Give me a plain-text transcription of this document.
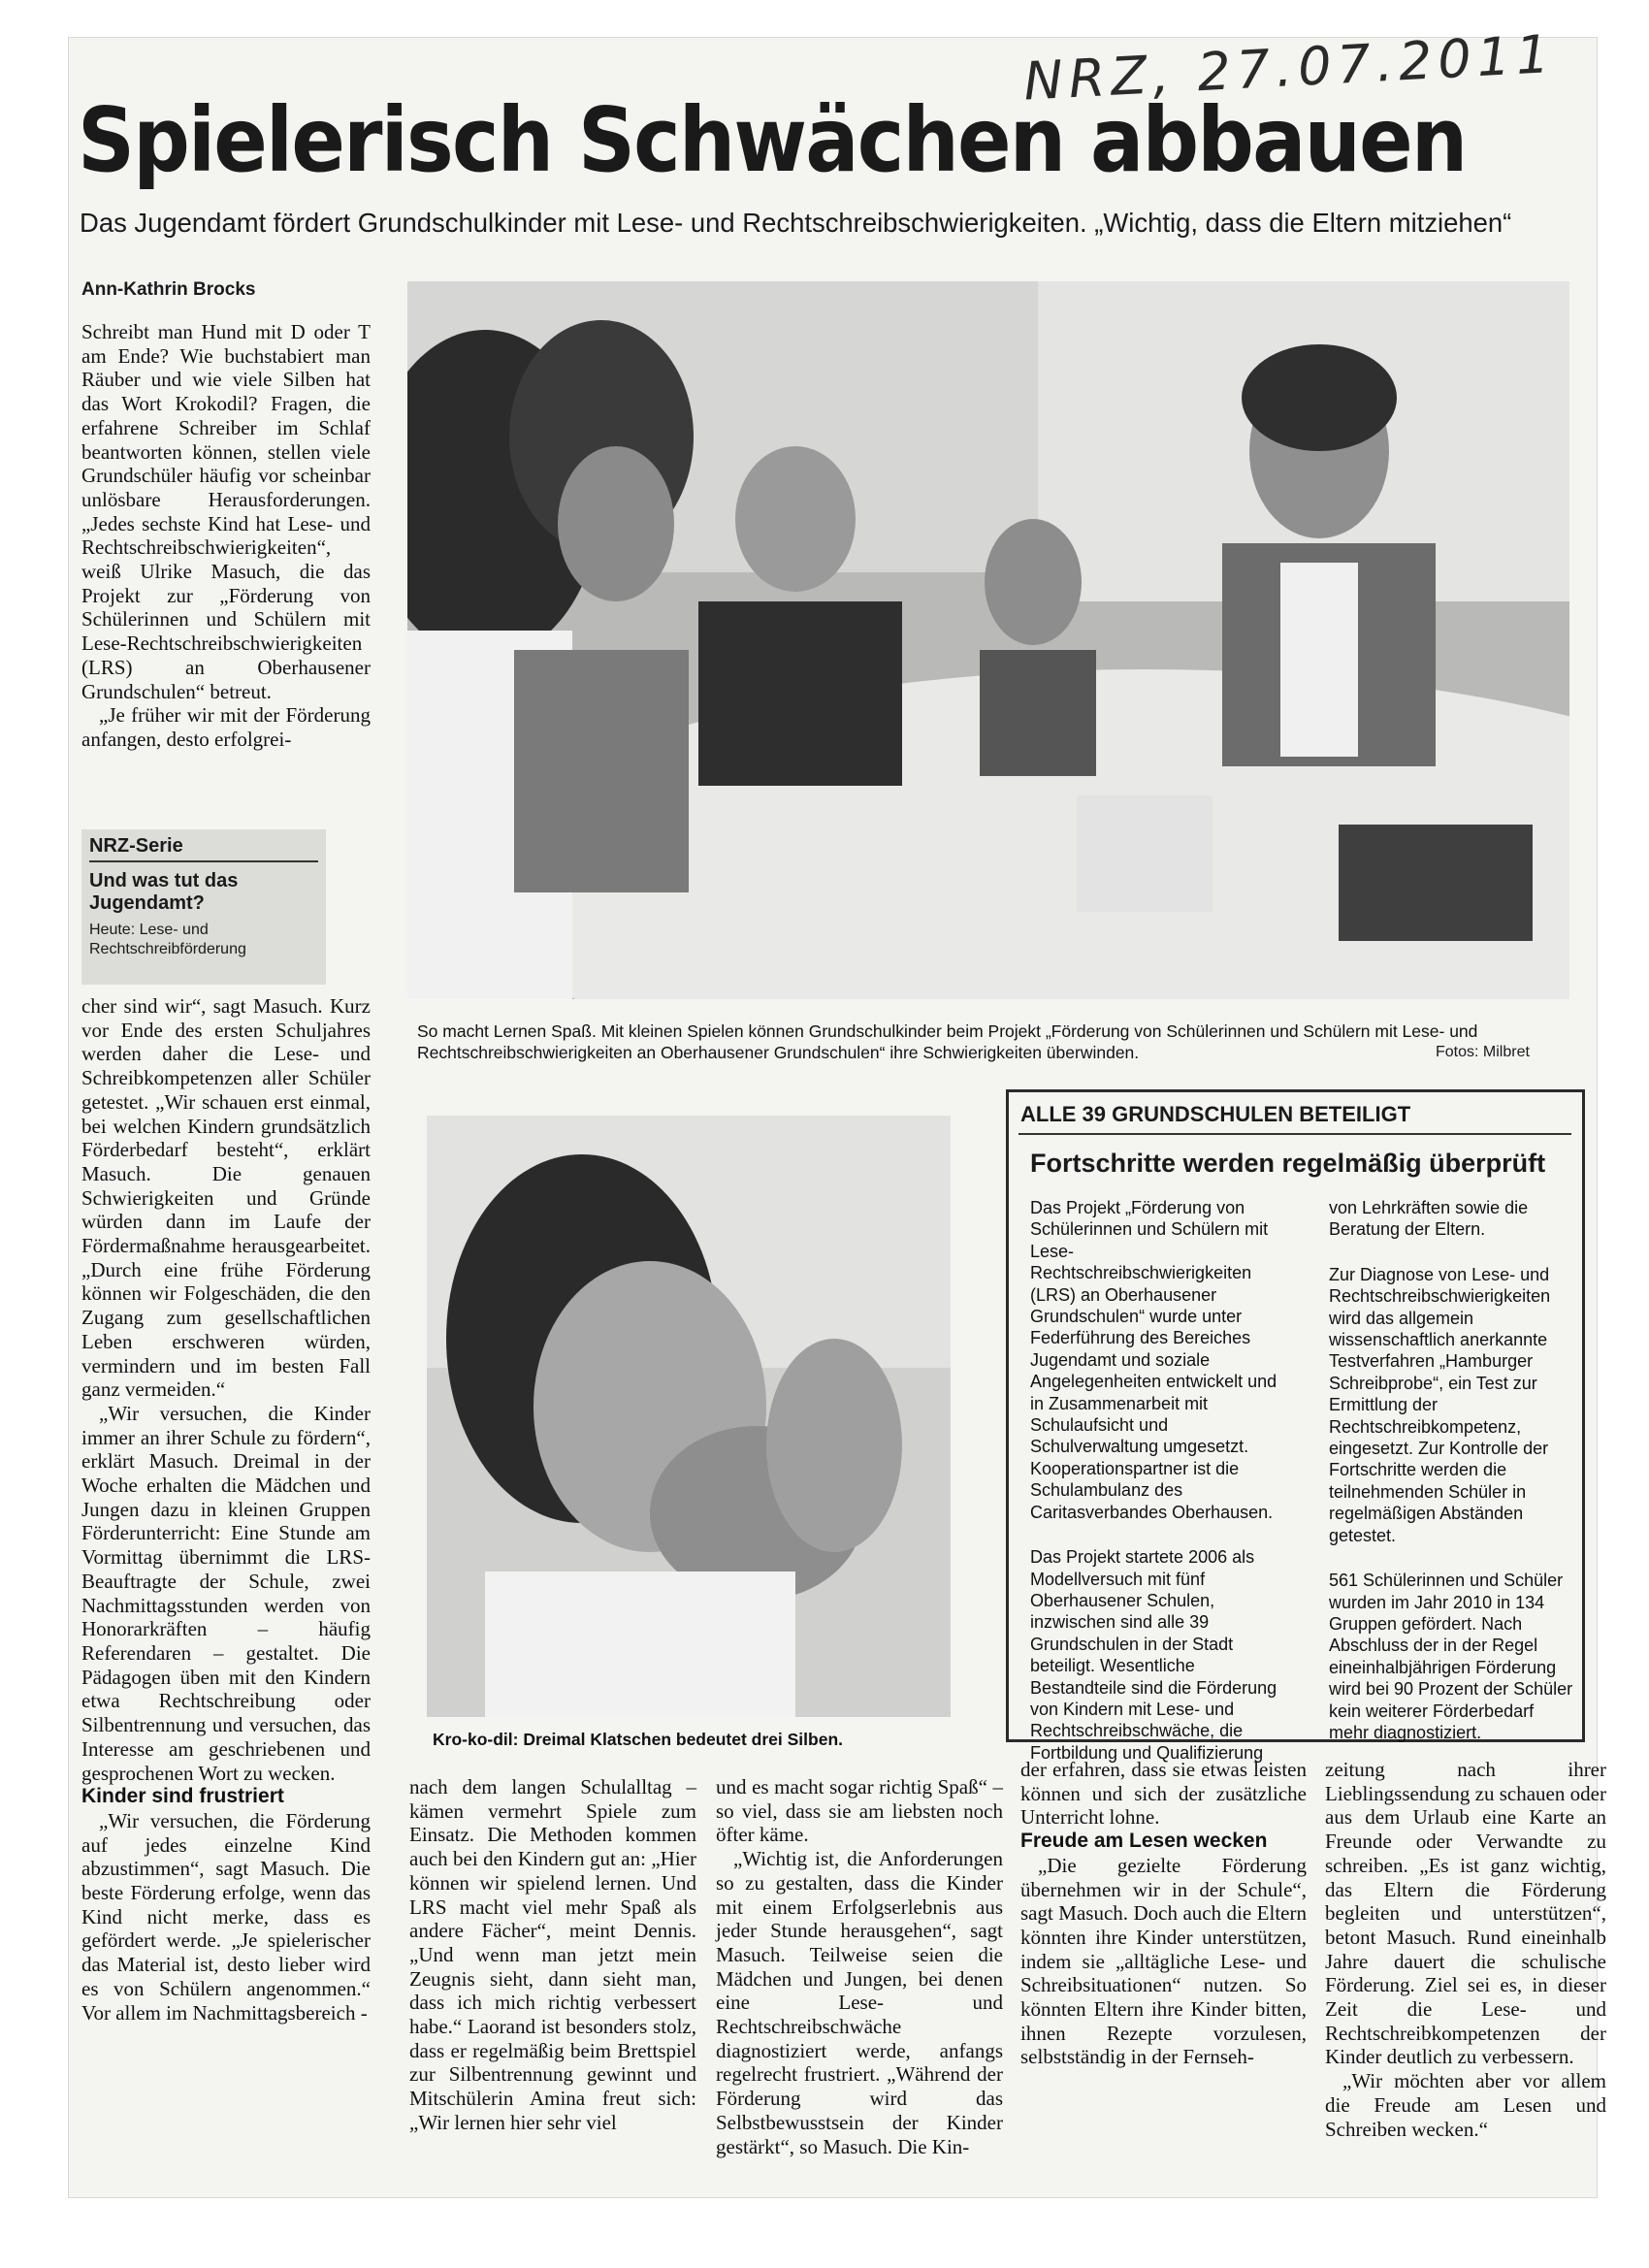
NRZ, 27.07.2011
Spielerisch Schwächen abbauen
Das Jugendamt fördert Grundschulkinder mit Lese- und Rechtschreibschwierigkeiten. „Wichtig, dass die Eltern mitziehen“
Ann-Kathrin Brocks

Schreibt man Hund mit D oder T am Ende? Wie buchstabiert man Räuber und wie viele Silben hat das Wort Krokodil? Fragen, die erfahrene Schreiber im Schlaf beantworten können, stellen viele Grundschüler häufig vor scheinbar unlösbare Herausforderungen. „Jedes sechste Kind hat Lese- und Rechtschreibschwierigkeiten“, weiß Ulrike Masuch, die das Projekt zur „Förderung von Schülerinnen und Schülern mit Lese-Rechtschreibschwierigkeiten (LRS) an Oberhausener Grundschulen“ betreut.

„Je früher wir mit der Förderung anfangen, desto erfolgrei-

NRZ-Serie
Und was tut das Jugendamt?
Heute: Lese- und Rechtschreibförderung

cher sind wir“, sagt Masuch. Kurz vor Ende des ersten Schuljahres werden daher die Lese- und Schreibkompetenzen aller Schüler getestet. „Wir schauen erst einmal, bei welchen Kindern grundsätzlich Förderbedarf besteht“, erklärt Masuch. Die genauen Schwierigkeiten und Gründe würden dann im Laufe der Fördermaßnahme herausgearbeitet. „Durch eine frühe Förderung können wir Folgeschäden, die den Zugang zum gesellschaftlichen Leben erschweren würden, vermindern und im besten Fall ganz vermeiden.“

„Wir versuchen, die Kinder immer an ihrer Schule zu fördern“, erklärt Masuch. Dreimal in der Woche erhalten die Mädchen und Jungen dazu in kleinen Gruppen Förderunterricht: Eine Stunde am Vormittag übernimmt die LRS-Beauftragte der Schule, zwei Nachmittagsstunden werden von Honorarkräften – häufig Referendaren – gestaltet. Die Pädagogen üben mit den Kindern etwa Rechtschreibung oder Silbentrennung und versuchen, das Interesse am geschriebenen und gesprochenen Wort zu wecken.

Kinder sind frustriert

„Wir versuchen, die Förderung auf jedes einzelne Kind abzustimmen“, sagt Masuch. Die beste Förderung erfolge, wenn das Kind nicht merke, dass es gefördert werde. „Je spielerischer das Material ist, desto lieber wird es von Schülern angenommen.“ Vor allem im Nachmittagsbereich -

So macht Lernen Spaß. Mit kleinen Spielen können Grundschulkinder beim Projekt „Förderung von Schülerinnen und Schülern mit Lese- und Rechtschreibschwierigkeiten an Oberhausener Grundschulen“ ihre Schwierigkeiten überwinden.	Fotos: Milbret
Kro-ko-dil: Dreimal Klatschen bedeutet drei Silben.

nach dem langen Schulalltag – kämen vermehrt Spiele zum Einsatz. Die Methoden kommen auch bei den Kindern gut an: „Hier können wir spielend lernen. Und LRS macht viel mehr Spaß als andere Fächer“, meint Dennis. „Und wenn man jetzt mein Zeugnis sieht, dann sieht man, dass ich mich richtig verbessert habe.“ Laorand ist besonders stolz, dass er regelmäßig beim Brettspiel zur Silbentrennung gewinnt und Mitschülerin Amina freut sich: „Wir lernen hier sehr viel

und es macht sogar richtig Spaß“ – so viel, dass sie am liebsten noch öfter käme.

„Wichtig ist, die Anforderungen so zu gestalten, dass die Kinder mit einem Erfolgserlebnis aus jeder Stunde herausgehen“, sagt Masuch. Teilweise seien die Mädchen und Jungen, bei denen eine Lese- und Rechtschreibschwäche diagnostiziert werde, anfangs regelrecht frustriert. „Während der Förderung wird das Selbstbewusstsein der Kinder gestärkt“, so Masuch. Die Kin-

der erfahren, dass sie etwas leisten können und sich der zusätzliche Unterricht lohne.

Freude am Lesen wecken

„Die gezielte Förderung übernehmen wir in der Schule“, sagt Masuch. Doch auch die Eltern könnten ihre Kinder unterstützen, indem sie „alltägliche Lese- und Schreibsituationen“ nutzen. So könnten Eltern ihre Kinder bitten, ihnen Rezepte vorzulesen, selbstständig in der Fernseh-

zeitung nach ihrer Lieblingssendung zu schauen oder aus dem Urlaub eine Karte an Freunde oder Verwandte zu schreiben. „Es ist ganz wichtig, das Eltern die Förderung begleiten und unterstützen“, betont Masuch. Rund eineinhalb Jahre dauert die schulische Förderung. Ziel sei es, in dieser Zeit die Lese- und Rechtschreibkompetenzen der Kinder deutlich zu verbessern.

„Wir möchten aber vor allem die Freude am Lesen und Schreiben wecken.“

ALLE 39 GRUNDSCHULEN BETEILIGT
Fortschritte werden regelmäßig überprüft

Das Projekt „Förderung von Schülerinnen und Schülern mit Lese-Rechtschreibschwierigkeiten (LRS) an Oberhausener Grundschulen“ wurde unter Federführung des Bereiches Jugendamt und soziale Angelegenheiten entwickelt und in Zusammenarbeit mit Schulaufsicht und Schulverwaltung umgesetzt. Kooperationspartner ist die Schulambulanz des Caritasverbandes Oberhausen.

Das Projekt startete 2006 als Modellversuch mit fünf Oberhausener Schulen, inzwischen sind alle 39 Grundschulen in der Stadt beteiligt. Wesentliche Bestandteile sind die Förderung von Kindern mit Lese- und Rechtschreibschwäche, die Fortbildung und Qualifizierung

von Lehrkräften sowie die Beratung der Eltern.

Zur Diagnose von Lese- und Rechtschreibschwierigkeiten wird das allgemein wissenschaftlich anerkannte Testverfahren „Hamburger Schreibprobe“, ein Test zur Ermittlung der Rechtschreibkompetenz, eingesetzt. Zur Kontrolle der Fortschritte werden die teilnehmenden Schüler in regelmäßigen Abständen getestet.

561 Schülerinnen und Schüler wurden im Jahr 2010 in 134 Gruppen gefördert. Nach Abschluss der in der Regel eineinhalbjährigen Förderung wird bei 90 Prozent der Schüler kein weiterer Förderbedarf mehr diagnostiziert.
